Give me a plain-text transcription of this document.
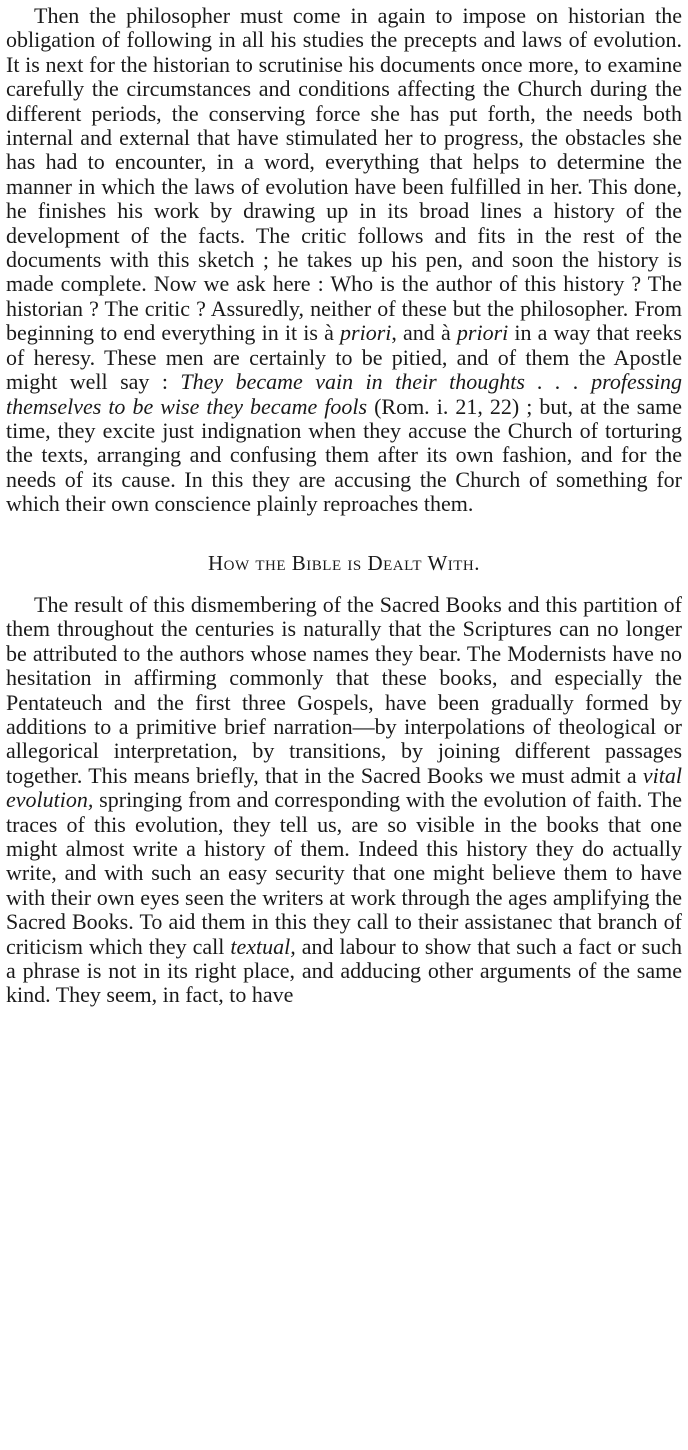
Then the philosopher must come in again to impose on historian the obligation of following in all his studies the precepts and laws of evolution. It is next for the historian to scrutinise his documents once more, to examine carefully the circumstances and conditions affecting the Church during the different periods, the conserving force she has put forth, the needs both internal and external that have stimulated her to progress, the obstacles she has had to encounter, in a word, everything that helps to determine the manner in which the laws of evolution have been fulfilled in her. This done, he finishes his work by drawing up in its broad lines a history of the development of the facts. The critic follows and fits in the rest of the documents with this sketch ; he takes up his pen, and soon the history is made complete. Now we ask here : Who is the author of this history ? The historian ? The critic ? Assuredly, neither of these but the philosopher. From beginning to end everything in it is à priori, and à priori in a way that reeks of heresy. These men are certainly to be pitied, and of them the Apostle might well say : They became vain in their thoughts . . . professing themselves to be wise they became fools (Rom. i. 21, 22) ; but, at the same time, they excite just indignation when they accuse the Church of torturing the texts, arranging and confusing them after its own fashion, and for the needs of its cause. In this they are accusing the Church of something for which their own conscience plainly reproaches them.

How the Bible is Dealt With.

The result of this dismembering of the Sacred Books and this partition of them throughout the centuries is naturally that the Scriptures can no longer be attributed to the authors whose names they bear. The Modernists have no hesitation in affirming commonly that these books, and especially the Pentateuch and the first three Gospels, have been gradually formed by additions to a primitive brief narration—by interpolations of theological or allegorical interpretation, by transitions, by joining different passages together. This means briefly, that in the Sacred Books we must admit a vital evolution, springing from and corresponding with the evolution of faith. The traces of this evolution, they tell us, are so visible in the books that one might almost write a history of them. Indeed this history they do actually write, and with such an easy security that one might believe them to have with their own eyes seen the writers at work through the ages amplifying the Sacred Books. To aid them in this they call to their assistanec that branch of criticism which they call textual, and labour to show that such a fact or such a phrase is not in its right place, and adducing other arguments of the same kind. They seem, in fact, to have
